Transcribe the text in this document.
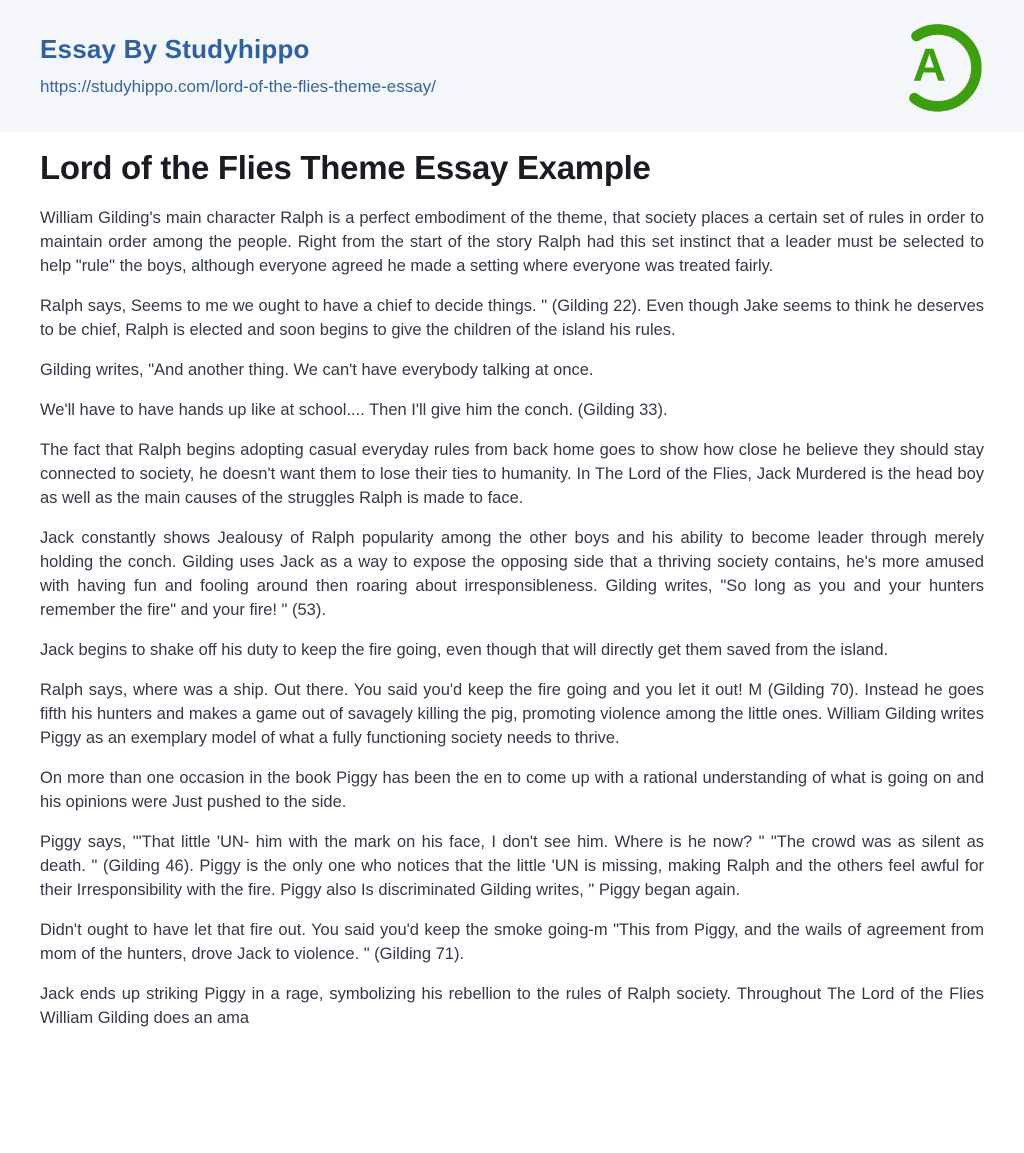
Essay By Studyhippo
https://studyhippo.com/lord-of-the-flies-theme-essay/	A
Lord of the Flies Theme Essay Example

William Gilding's main character Ralph is a perfect embodiment of the theme, that society places a certain set of rules in order to maintain order among the people. Right from the start of the story Ralph had this set instinct that a leader must be selected to help "rule" the boys, although everyone agreed he made a setting where everyone was treated fairly.

Ralph says, Seems to me we ought to have a chief to decide things. " (Gilding 22). Even though Jake seems to think he deserves to be chief, Ralph is elected and soon begins to give the children of the island his rules.

Gilding writes, "And another thing. We can't have everybody talking at once.

We'll have to have hands up like at school.... Then I'll give him the conch. (Gilding 33).

The fact that Ralph begins adopting casual everyday rules from back home goes to show how close he believe they should stay connected to society, he doesn't want them to lose their ties to humanity. In The Lord of the Flies, Jack Murdered is the head boy as well as the main causes of the struggles Ralph is made to face.

Jack constantly shows Jealousy of Ralph popularity among the other boys and his ability to become leader through merely holding the conch. Gilding uses Jack as a way to expose the opposing side that a thriving society contains, he's more amused with having fun and fooling around then roaring about irresponsibleness. Gilding writes, "So long as you and your hunters remember the fire" and your fire! " (53).

Jack begins to shake off his duty to keep the fire going, even though that will directly get them saved from the island.

Ralph says, where was a ship. Out there. You said you'd keep the fire going and you let it out! M (Gilding 70). Instead he goes fifth his hunters and makes a game out of savagely killing the pig, promoting violence among the little ones. William Gilding writes Piggy as an exemplary model of what a fully functioning society needs to thrive.

On more than one occasion in the book Piggy has been the en to come up with a rational understanding of what is going on and his opinions were Just pushed to the side.

Piggy says, '"That little 'UN- him with the mark on his face, I don't see him. Where is he now? " "The crowd was as silent as death. " (Gilding 46). Piggy is the only one who notices that the little 'UN is missing, making Ralph and the others feel awful for their Irresponsibility with the fire. Piggy also Is discriminated Gilding writes, " Piggy began again.

Didn't ought to have let that fire out. You said you'd keep the smoke going-m "This from Piggy, and the wails of agreement from mom of the hunters, drove Jack to violence. " (Gilding 71).

Jack ends up striking Piggy in a rage, symbolizing his rebellion to the rules of Ralph society. Throughout The Lord of the Flies William Gilding does an ama
